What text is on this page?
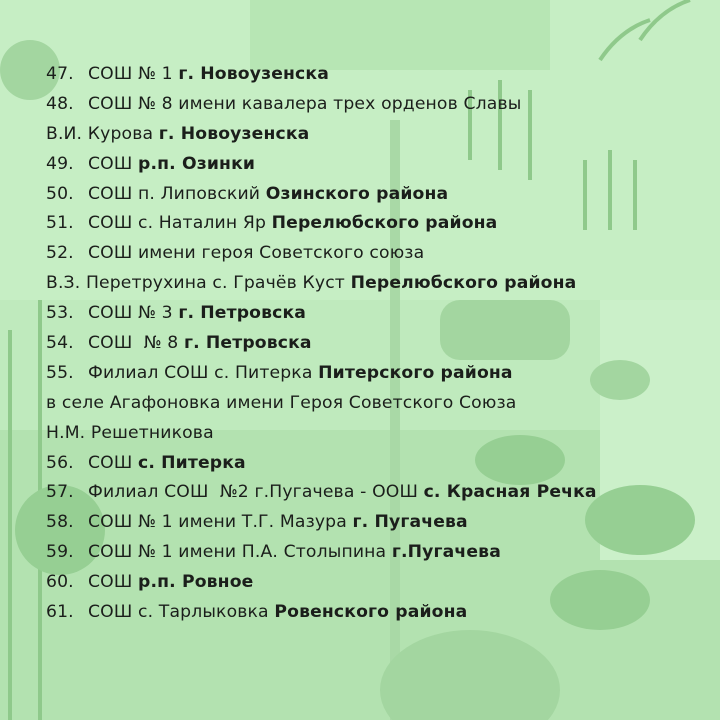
47. СОШ № 1 г. Новоузенска
48. СОШ № 8 имени кавалера трех орденов Славы
В.И. Курова г. Новоузенска
49. СОШ р.п. Озинки
50. СОШ п. Липовский Озинского района
51. СОШ с. Наталин Яр Перелюбского района
52. СОШ имени героя Советского союза
В.З. Перетрухина с. Грачёв Куст Перелюбского района
53. СОШ № 3 г. Петровска
54. СОШ  № 8 г. Петровска
55. Филиал СОШ с. Питерка Питерского района
в селе Агафоновка имени Героя Советского Союза
Н.М. Решетникова
56. СОШ с. Питерка
57. Филиал СОШ  №2 г.Пугачева - ООШ с. Красная Речка
58. СОШ № 1 имени Т.Г. Мазура г. Пугачева
59. СОШ № 1 имени П.А. Столыпина г.Пугачева
60. СОШ р.п. Ровное
61. СОШ с. Тарлыковка Ровенского района
